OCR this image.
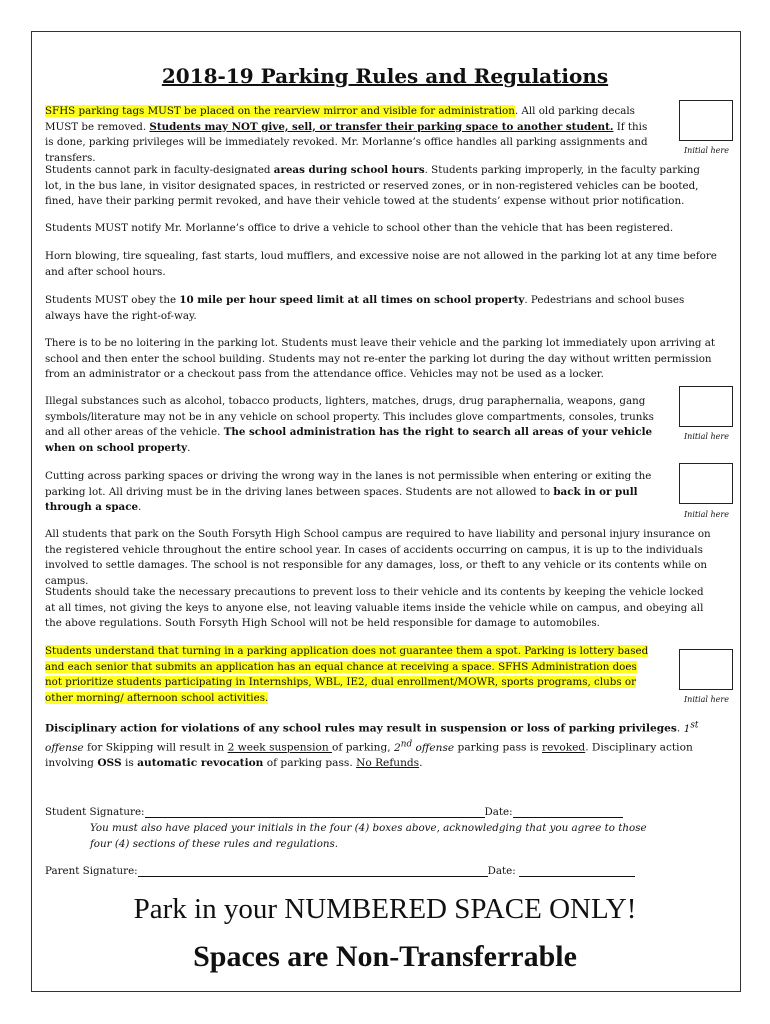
2018-19 Parking Rules and Regulations
SFHS parking tags MUST be placed on the rearview mirror and visible for administration. All old parking decals MUST be removed. Students may NOT give, sell, or transfer their parking space to another student. If this is done, parking privileges will be immediately revoked. Mr. Morlanne’s office handles all parking assignments and transfers.
Initial here
Students cannot park in faculty-designated areas during school hours. Students parking improperly, in the faculty parking lot, in the bus lane, in visitor designated spaces, in restricted or reserved zones, or in non-registered vehicles can be booted, fined, have their parking permit revoked, and have their vehicle towed at the students’ expense without prior notification.
Students MUST notify Mr. Morlanne’s office to drive a vehicle to school other than the vehicle that has been registered.
Horn blowing, tire squealing, fast starts, loud mufflers, and excessive noise are not allowed in the parking lot at any time before and after school hours.
Students MUST obey the 10 mile per hour speed limit at all times on school property. Pedestrians and school buses always have the right-of-way.
There is to be no loitering in the parking lot. Students must leave their vehicle and the parking lot immediately upon arriving at school and then enter the school building. Students may not re-enter the parking lot during the day without written permission from an administrator or a checkout pass from the attendance office. Vehicles may not be used as a locker.
Illegal substances such as alcohol, tobacco products, lighters, matches, drugs, drug paraphernalia, weapons, gang symbols/literature may not be in any vehicle on school property. This includes glove compartments, consoles, trunks and all other areas of the vehicle. The school administration has the right to search all areas of your vehicle when on school property.
Initial here
Cutting across parking spaces or driving the wrong way in the lanes is not permissible when entering or exiting the parking lot. All driving must be in the driving lanes between spaces. Students are not allowed to back in or pull through a space.
Initial here
All students that park on the South Forsyth High School campus are required to have liability and personal injury insurance on the registered vehicle throughout the entire school year. In cases of accidents occurring on campus, it is up to the individuals involved to settle damages. The school is not responsible for any damages, loss, or theft to any vehicle or its contents while on campus.
Students should take the necessary precautions to prevent loss to their vehicle and its contents by keeping the vehicle locked at all times, not giving the keys to anyone else, not leaving valuable items inside the vehicle while on campus, and obeying all the above regulations. South Forsyth High School will not be held responsible for damage to automobiles.
Students understand that turning in a parking application does not guarantee them a spot. Parking is lottery based and each senior that submits an application has an equal chance at receiving a space. SFHS Administration does not prioritize students participating in Internships, WBL, IE2, dual enrollment/MOWR, sports programs, clubs or other morning/ afternoon school activities.	Initial here
Disciplinary action for violations of any school rules may result in suspension or loss of parking privileges. 1st offense for Skipping will result in 2 week suspension of parking, 2nd offense parking pass is revoked. Disciplinary action involving OSS is automatic revocation of parking pass. No Refunds.
Student Signature:	Date:
You must also have placed your initials in the four (4) boxes above, acknowledging that you agree to those four (4) sections of these rules and regulations.
Parent Signature:	Date:
Park in your NUMBERED SPACE ONLY!
Spaces are Non-Transferrable
